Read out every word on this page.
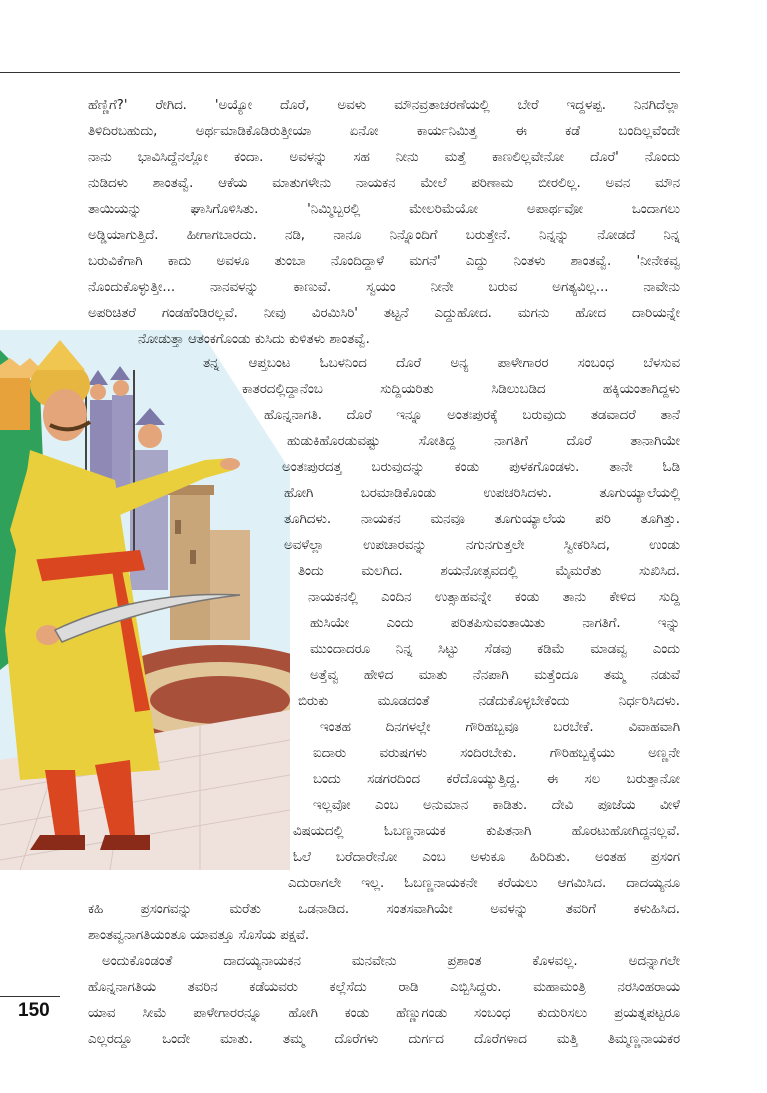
ಹೆಣ್ಣಿಗೆ?' ರೇಗಿದ. 'ಅಯ್ಯೋ ದೊರೆ, ಅವಳು ಮೌನವ್ರತಾಚರಣೆಯಲ್ಲಿ ಬೇರೆ ಇದ್ದಳಪ್ಪ. ನಿನಗಿದೆಲ್ಲಾ
ತಿಳಿದಿರಬಹುದು, ಅರ್ಥಮಾಡಿಕೊಡಿರುತ್ತೀಯಾ ಏನೋ ಕಾರ್ಯನಿಮಿತ್ತ ಈ ಕಡೆ ಬಂದಿಲ್ಲವೆಂದೇ
ನಾನು ಭಾವಿಸಿದ್ದೆನಲ್ಲೋ ಕಂದಾ. ಅವಳನ್ನು ಸಹ ನೀನು ಮತ್ತೆ ಕಾಣಲಿಲ್ಲವೇನೋ ದೊರೆ' ನೊಂದು
ನುಡಿದಳು ಶಾಂತವ್ವೆ. ಆಕೆಯ ಮಾತುಗಳೇನು ನಾಯಕನ ಮೇಲೆ ಪರಿಣಾಮ ಬೀರಲಿಲ್ಲ. ಅವನ ಮೌನ
ತಾಯಿಯನ್ನು ಘಾಸಿಗೊಳಿಸಿತು. 'ನಿಮ್ಮಿಬ್ಬರಲ್ಲಿ ಮೇಲರಿಮೆಯೋ ಅಪಾರ್ಥವೋ ಒಂದಾಗಲು
ಅಡ್ಡಿಯಾಗುತ್ತಿದೆ. ಹೀಗಾಗಬಾರದು. ನಡಿ, ನಾನೂ ನಿನ್ನೊಂದಿಗೆ ಬರುತ್ತೇನೆ. ನಿನ್ನನ್ನು ನೋಡದೆ ನಿನ್ನ
ಬರುವಿಕೆಗಾಗಿ ಕಾದು ಅವಳೂ ತುಂಬಾ ನೊಂದಿದ್ದಾಳೆ ಮಗನೆ' ಎದ್ದು ನಿಂತಳು ಶಾಂತವ್ವೆ. 'ನೀನೇಕವ್ವ
ನೊಂದುಕೊಳ್ಳುತ್ತೀ... ನಾನವಳನ್ನು ಕಾಣುವೆ. ಸ್ವಯಂ ನೀನೇ ಬರುವ ಅಗತ್ಯವಿಲ್ಲ... ನಾವೇನು
ಅಪರಿಚಿತರೆ ಗಂಡಹೆಂಡಿರಲ್ಲವೆ. ನೀವು ವಿರಮಿಸಿರಿ' ತಟ್ಟನೆ ಎದ್ದುಹೋದ. ಮಗನು ಹೋದ ದಾರಿಯನ್ನೇ
ನೋಡುತ್ತಾ ಆತಂಕಗೊಂಡು ಕುಸಿದು ಕುಳಿತಳು ಶಾಂತವ್ವೆ.
ತನ್ನ ಆಪ್ತಬಂಟ ಓಬಳನಿಂದ ದೊರೆ ಅನ್ಯ ಪಾಳೇಗಾರರ ಸಂಬಂಧ ಬೆಳಸುವ
ಕಾತರದಲ್ಲಿದ್ದಾನೆಂಬ ಸುದ್ದಿಯರಿತು ಸಿಡಿಲುಬಡಿದ ಹಕ್ಕಿಯಂತಾಗಿದ್ದಳು
ಹೊನ್ನನಾಗತಿ. ದೊರೆ ಇನ್ನೂ ಅಂತಃಪುರಕ್ಕೆ ಬರುವುದು ತಡವಾದರೆ ತಾನೆ
ಹುಡುಕಿಹೊರಡುವಷ್ಟು ಸೋತಿದ್ದ ನಾಗತಿಗೆ ದೊರೆ ತಾನಾಗಿಯೇ
ಅಂತಃಪುರದತ್ತ ಬರುವುದನ್ನು ಕಂಡು ಪುಳಕಗೊಂಡಳು. ತಾನೇ ಓಡಿ
ಹೋಗಿ ಬರಮಾಡಿಕೊಂಡು ಉಪಚರಿಸಿದಳು. ತೂಗುಯ್ಯಾಲೆಯಲ್ಲಿ
ತೂಗಿದಳು. ನಾಯಕನ ಮನವೂ ತೂಗುಯ್ಯಾಲೆಯ ಪರಿ ತೂಗಿತ್ತು.
ಅವಳೆಲ್ಲಾ ಉಪಚಾರವನ್ನು ನಗುನಗುತ್ತಲೇ ಸ್ವೀಕರಿಸಿದ, ಉಂಡು
ತಿಂದು ಮಲಗಿದ. ಶಯನೋತ್ಸವದಲ್ಲಿ ಮೈಮರೆತು ಸುಖಿಸಿದ.
ನಾಯಕನಲ್ಲಿ ಎಂದಿನ ಉತ್ಸಾಹವನ್ನೇ ಕಂಡು ತಾನು ಕೇಳಿದ ಸುದ್ದಿ
ಹುಸಿಯೇ ಎಂದು ಪರಿತಪಿಸುವಂತಾಯಿತು ನಾಗತಿಗೆ. ಇನ್ನು
ಮುಂದಾದರೂ ನಿನ್ನ ಸಿಟ್ಟು ಸೆಡವು ಕಡಿಮೆ ಮಾಡವ್ವ ಎಂದು
ಅತ್ತೆವ್ವ ಹೇಳಿದ ಮಾತು ನೆನಪಾಗಿ ಮತ್ತೆಂದೂ ತಮ್ಮ ನಡುವೆ
ಬಿರುಕು ಮೂಡದಂತೆ ನಡೆದುಕೊಳ್ಳಬೇಕೆಂದು ನಿರ್ಧರಿಸಿದಳು.
ಇಂತಹ ದಿನಗಳಲ್ಲೇ ಗೌರಿಹಬ್ಬವೂ ಬರಬೇಕೆ. ವಿವಾಹವಾಗಿ
ಐದಾರು ವರುಷಗಳು ಸಂದಿರಬೇಕು. ಗೌರಿಹಬ್ಬಕ್ಕೆಯು ಅಣ್ಣನೇ
ಬಂದು ಸಡಗರದಿಂದ ಕರೆದೊಯ್ಯುತ್ತಿದ್ದ. ಈ ಸಲ ಬರುತ್ತಾನೋ
ಇಲ್ಲವೋ ಎಂಬ ಅನುಮಾನ ಕಾಡಿತು. ದೇವಿ ಪೂಜೆಯ ವೀಳೆ
ವಿಷಯದಲ್ಲಿ ಓಬಣ್ಣನಾಯಕ ಕುಪಿತನಾಗಿ ಹೊರಟುಹೋಗಿದ್ದನಲ್ಲವೆ.
ಓಲೆ ಬರೆದಾರೇನೋ ಎಂಬ ಅಳುಕೂ ಹಿರಿದಿತು. ಅಂತಹ ಪ್ರಸಂಗ
ಎದುರಾಗಲೇ ಇಲ್ಲ. ಓಬಣ್ಣನಾಯಕನೇ ಕರೆಯಲು ಆಗಮಿಸಿದ. ದಾದಯ್ಯನೂ
ಕಹಿ ಪ್ರಸಂಗವನ್ನು ಮರೆತು ಒಡನಾಡಿದ. ಸಂತಸವಾಗಿಯೇ ಅವಳನ್ನು ತವರಿಗೆ ಕಳುಹಿಸಿದ.
ಶಾಂತವ್ವನಾಗತಿಯಂತೂ ಯಾವತ್ತೂ ಸೊಸೆಯ ಪಕ್ಷವೆ.
ಅಂದುಕೊಂಡಂತೆ ದಾದಯ್ಯನಾಯಕನ ಮನವೇನು ಪ್ರಶಾಂತ ಕೊಳವಲ್ಲ. ಅದನ್ನಾಗಲೇ
ಹೊನ್ನನಾಗತಿಯ ತವರಿನ ಕಡೆಯವರು ಕಲ್ಲೆಸೆದು ರಾಡಿ ಎಬ್ಬಿಸಿದ್ದರು. ಮಹಾಮಂತ್ರಿ ನರಸಿಂಹರಾಯ
ಯಾವ ಸೀಮೆ ಪಾಳೇಗಾರರನ್ನೂ ಹೋಗಿ ಕಂಡು ಹೆಣ್ಣುಗಂಡು ಸಂಬಂಧ ಕುದುರಿಸಲು ಪ್ರಯತ್ನಪಟ್ಟರೂ
ಎಲ್ಲರದ್ದೂ ಒಂದೇ ಮಾತು. ತಮ್ಮ ದೊರೆಗಳು ದುರ್ಗದ ದೊರೆಗಳಾದ ಮತ್ತಿ ತಿಮ್ಮಣ್ಣನಾಯಕರ
150
